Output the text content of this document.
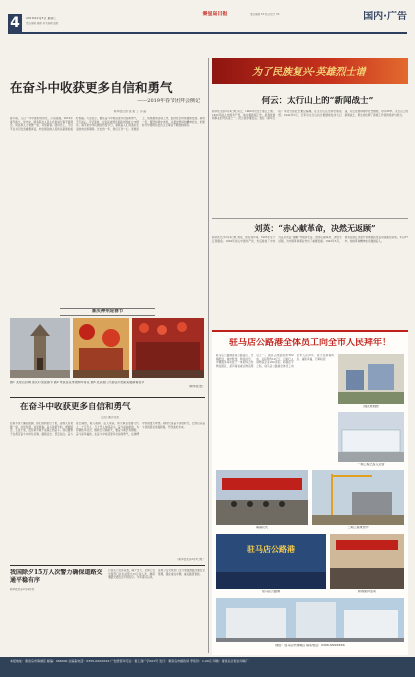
4	2019年2月5日 星期二
责任编辑 谢颖 美术编辑 邵新
秦皇岛日报	责任编辑 XX 版式设计 XX	国内·广告
在奋斗中收获更多自信和勇气
——2019年春节团拜会侧记
新华社记者 张 旭 丁 小 溪
春节前，人们一年中最好的时光，万家团圆。2019年春节前夕，党中央、国务院在人民大会堂举行春节团拜会，同各界人士欢聚一堂，共迎新春。团拜会上，习近平总书记发表重要讲话，向全国各族人民致以新春的美好祝福。大家表示，要在奋斗中收获更多自信和勇气，不忘初心，牢记使命，以优异成绩庆祝新中国成立70周年。春节是中华民族的传统节日，承载着人们对美好生活的向往和期盼。过去的一年，我们万众一心、迎难而上，统筹推进各项工作，经济社会持续健康发展。新的一年，要坚持稳中求进，以更加昂扬的精神状态，把新时代中国特色社会主义事业不断推向前进。
喜庆神州迎春节
图1 太原古县城 喜庆灯笼迎春节 图2 市民在花市选购年宵花 图3 北京前门大街张灯结彩迎接新春佳节
（新华社发）
在奋斗中收获更多自信和勇气
人民日报评论员
在春节这个阖家团圆、辞旧迎新的日子里，各族人民欢聚一堂，共话发展，共迎新春。奋斗是艰辛的，艰难困苦、玉汝于成，没有艰辛就不是真正的奋斗。我们要勇于在艰苦奋斗中净化灵魂、磨砺意志、坚定信念。奋斗是长期的，前人栽树、后人乘凉，伟大事业需要几代人、十几代人、几十代人持续奋斗。奋斗是曲折的，为有牺牲多壮志，敢教日月换新天，要奋斗就会有牺牲。奋斗是幸福的，在奋斗中收获更多自信和勇气，在拼搏中实现更大梦想。新时代是奋斗者的时代，让我们以奋斗者的姿态迎接新春，开创美好未来。
（新华社北京2月5日电）
我国除夕15万人次警力确保道路交通平稳有序
新华社北京2月4日电
记者从公安部获悉，除夕当天，全国公安交管部门共出动警力15万余人次，确保道路交通安全平稳有序。今年春运以来，各地公安交管部门全力加强道路交通安全管理，强化重点车辆、重点路段管控。
为了民族复兴·英雄烈士谱
何云：太行山上的“新闻战士”
新华社太原2月4日电 何云，1904年出生于浙江上虞。1932年加入中国共产党，他从事新闻工作，是我党新闻事业的开拓者之一。抗日战争爆发后，他任《新华日报》华北分馆社长兼总编辑，在太行山区坚持出版报纸。1942年5月，日军对太行山抗日根据地发动大扫荡，何云在转移途中壮烈牺牲，时年38岁。太行山上的新闻战士，用生命诠释了新闻工作者的使命与担当。
刘英：“赤心献革命，决然无返顾”
新华社长沙2月4日电 刘英，原名刘声鸿，1905年生于江西瑞金。1929年加入中国共产党，先后参加了中央苏区历次反“围剿”作战和长征。他赤心献革命，决然无返顾，为中国革命事业作出了重要贡献。1942年5月，刘英在浙江永康方岩被国民党反动派秘密杀害，年仅37岁。他的革命精神永远激励后人。
驻马店公路港全体员工向全市人民拜年！
驻马店公路港是集公路货运、仓储配送、城市配送、物流信息、车辆服务等功能于一体的综合性物流园区，是河南省重点物流项目之一。园区占地面积约500亩，总投资约10亿元，目前已入驻物流企业200余家。新春佳节之际，驻马店公路港全体员工向全市人民拜年，祝大家新春快乐、阖家幸福、万事如意！
园区规划图
一期工程已投入运营
奠基仪式	二期工程建设中
驻马店公路港
驻马店公路港	新春团拜活动
地址：驻马店市驿城区 联系电话：0396-XXXXXXX
本报地址：秦皇岛市海港区 邮编：066000 总编室电话：0335-XXXXXXX 广告经营许可证：秦工商广字001号 发行：秦皇岛市邮政局 零售价：1.00元 印刷：秦皇岛日报社印刷厂
